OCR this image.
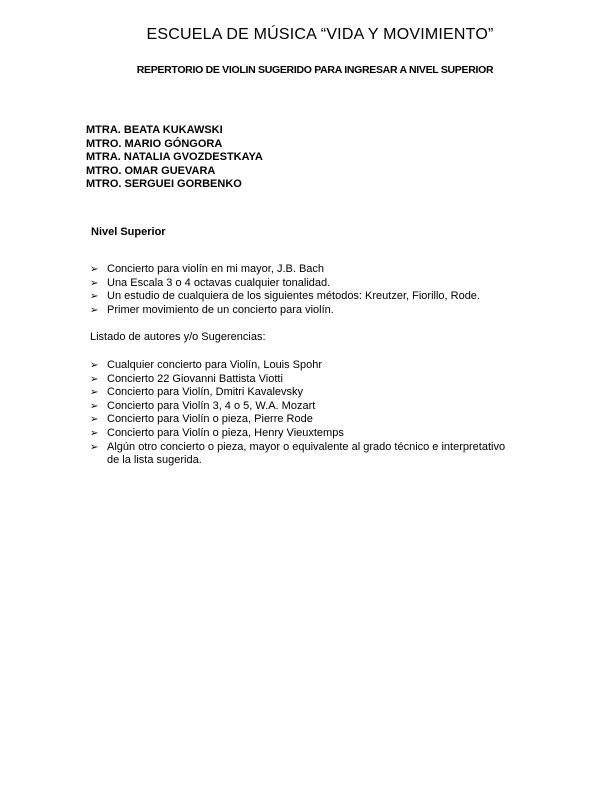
ESCUELA DE MÚSICA “VIDA Y MOVIMIENTO”
REPERTORIO DE VIOLIN SUGERIDO PARA INGRESAR A NIVEL SUPERIOR
MTRA. BEATA KUKAWSKI
MTRO. MARIO GÓNGORA
MTRA. NATALIA GVOZDESTKAYA
MTRO. OMAR GUEVARA
MTRO. SERGUEI GORBENKO
Nivel Superior
➢ Concierto para violín en mi mayor, J.B. Bach
➢ Una Escala 3 o 4 octavas cualquier tonalidad.
➢ Un estudio de cualquiera de los siguientes métodos: Kreutzer, Fiorillo, Rode.
➢ Primer movimiento de un concierto para violín.
Listado de autores y/o Sugerencias:
➢ Cualquier concierto para Violín, Louis Spohr
➢ Concierto 22 Giovanni Battista Viotti
➢ Concierto para Violín, Dmitri Kavalevsky
➢ Concierto para Violín 3, 4 o 5, W.A. Mozart
➢ Concierto para Violín o pieza, Pierre Rode
➢ Concierto para Violín o pieza, Henry Vieuxtemps
➢ Algún otro concierto o pieza, mayor o equivalente al grado técnico e interpretativo de la lista sugerida.
